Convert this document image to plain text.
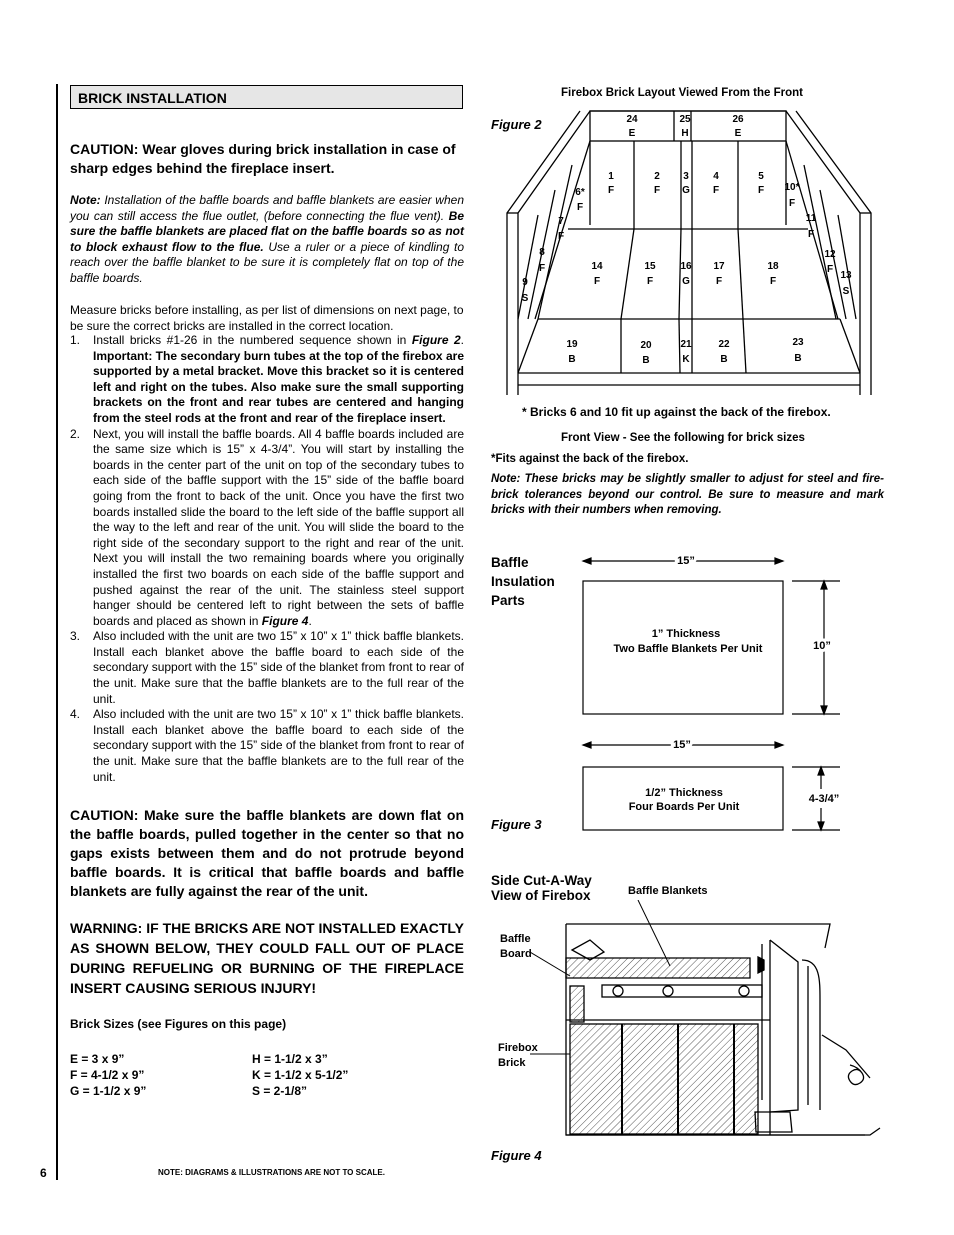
BRICK INSTALLATION
CAUTION: Wear gloves during brick installation in case of sharp edges behind the fireplace insert.
Note: Installation of the baffle boards and baffle blankets are easier when you can still access the flue outlet, (before connecting the flue vent). Be sure the baffle blankets are placed flat on the baffle boards so as not to block exhaust flow to the flue. Use a ruler or a piece of kindling to reach over the baffle blanket to be sure it is completely flat on top of the baffle boards.
Measure bricks before installing, as per list of dimensions on next page, to be sure the correct bricks are installed in the correct location.
1. Install bricks #1-26 in the numbered sequence shown in Figure 2. Important: The secondary burn tubes at the top of the firebox are supported by a metal bracket. Move this bracket so it is centered left and right on the tubes. Also make sure the small supporting brackets on the front and rear tubes are centered and hanging from the steel rods at the front and rear of the fireplace insert.
2. Next, you will install the baffle boards. All 4 baffle boards included are the same size which is 15” x 4-3/4”. You will start by installing the boards in the center part of the unit on top of the secondary tubes to each side of the baffle support with the 15” side of the baffle board going from the front to back of the unit. Once you have the first two boards installed slide the board to the left side of the baffle support all the way to the left and rear of the unit. You will slide the board to the right side of the secondary support to the right and rear of the unit. Next you will install the two remaining boards where you originally installed the first two boards on each side of the baffle support and pushed against the rear of the unit. The stainless steel support hanger should be centered left to right between the sets of baffle boards and placed as shown in Figure 4.
3. Also included with the unit are two 15” x 10” x 1” thick baffle blankets. Install each blanket above the baffle board to each side of the secondary support with the 15” side of the blanket from front to rear of the unit. Make sure that the baffle blankets are to the full rear of the unit.
4. Also included with the unit are two 15” x 10” x 1” thick baffle blankets. Install each blanket above the baffle board to each side of the secondary support with the 15” side of the blanket from front to rear of the unit. Make sure that the baffle blankets are to the full rear of the unit.
CAUTION: Make sure the baffle blankets are down flat on the baffle boards, pulled together in the center so that no gaps exists between them and do not protrude beyond baffle boards. It is critical that baffle boards and baffle blankets are fully against the rear of the unit.
WARNING: IF THE BRICKS ARE NOT INSTALLED EXACTLY AS SHOWN BELOW, THEY COULD FALL OUT OF PLACE DURING REFUELING OR BURNING OF THE FIREPLACE INSERT CAUSING SERIOUS INJURY!
Brick Sizes (see Figures on this page)
E = 3 x 9”
F = 4-1/2 x 9”
G = 1-1/2 x 9”
H = 1-1/2 x 3”
K = 1-1/2 x 5-1/2”
S = 2-1/8”
6	NOTE: DIAGRAMS & ILLUSTRATIONS ARE NOT TO SCALE.
Firebox Brick Layout Viewed From the Front
Figure 2	24
E
25
H
26
E
1
F
2
F
3
G
4
F
5
F
6*
F
7
F
8
F
9
S
10*
F
11
F
12
F
13
S
14
F
15
F
16
G
17
F
18
F
19
B
20
B
21
K
22
B
23
B
* Bricks 6 and 10 fit up against the back of the firebox.
Front View - See the following for brick sizes
*Fits against the back of the firebox.
Note: These bricks may be slightly smaller to adjust for steel and fire-brick tolerances beyond our control. Be sure to measure and mark bricks with their numbers when removing.
Baffle
Insulation
Parts
15”
1” Thickness
Two Baffle Blankets Per Unit	10”
15”
1/2” Thickness
Four Boards Per Unit
4-3/4”
Figure 3
Side Cut-A-Way
View of Firebox	Baffle Blankets
Baffle
Board
Firebox
Brick
Figure 4
